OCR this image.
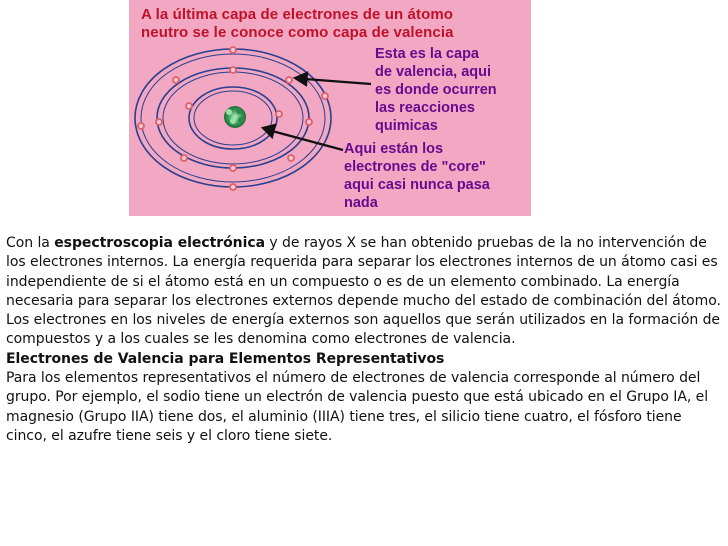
A la última capa de electrones de un átomo
neutro se le conoce como capa de valencia
Esta es la capa
de valencia, aqui
es donde ocurren
las reacciones
quimicas
Aqui están los
electrones de "core"
aqui casi nunca pasa
nada

Con la espectroscopia electrónica y de rayos X se han obtenido pruebas de la no intervención de los electrones internos. La energía requerida para separar los electrones internos de un átomo casi es independiente de si el átomo está en un compuesto o es de un elemento combinado. La energía necesaria para separar los electrones externos depende mucho del estado de combinación del átomo.

Los electrones en los niveles de energía externos son aquellos que serán utilizados en la formación de compuestos y a los cuales se les denomina como electrones de valencia.

Electrones de Valencia para Elementos Representativos

Para los elementos representativos el número de electrones de valencia corresponde al número del grupo. Por ejemplo, el sodio tiene un electrón de valencia puesto que está ubicado en el Grupo IA, el magnesio (Grupo IIA) tiene dos, el aluminio (IIIA) tiene tres, el silicio tiene cuatro, el fósforo tiene

cinco, el azufre tiene seis y el cloro tiene siete.
